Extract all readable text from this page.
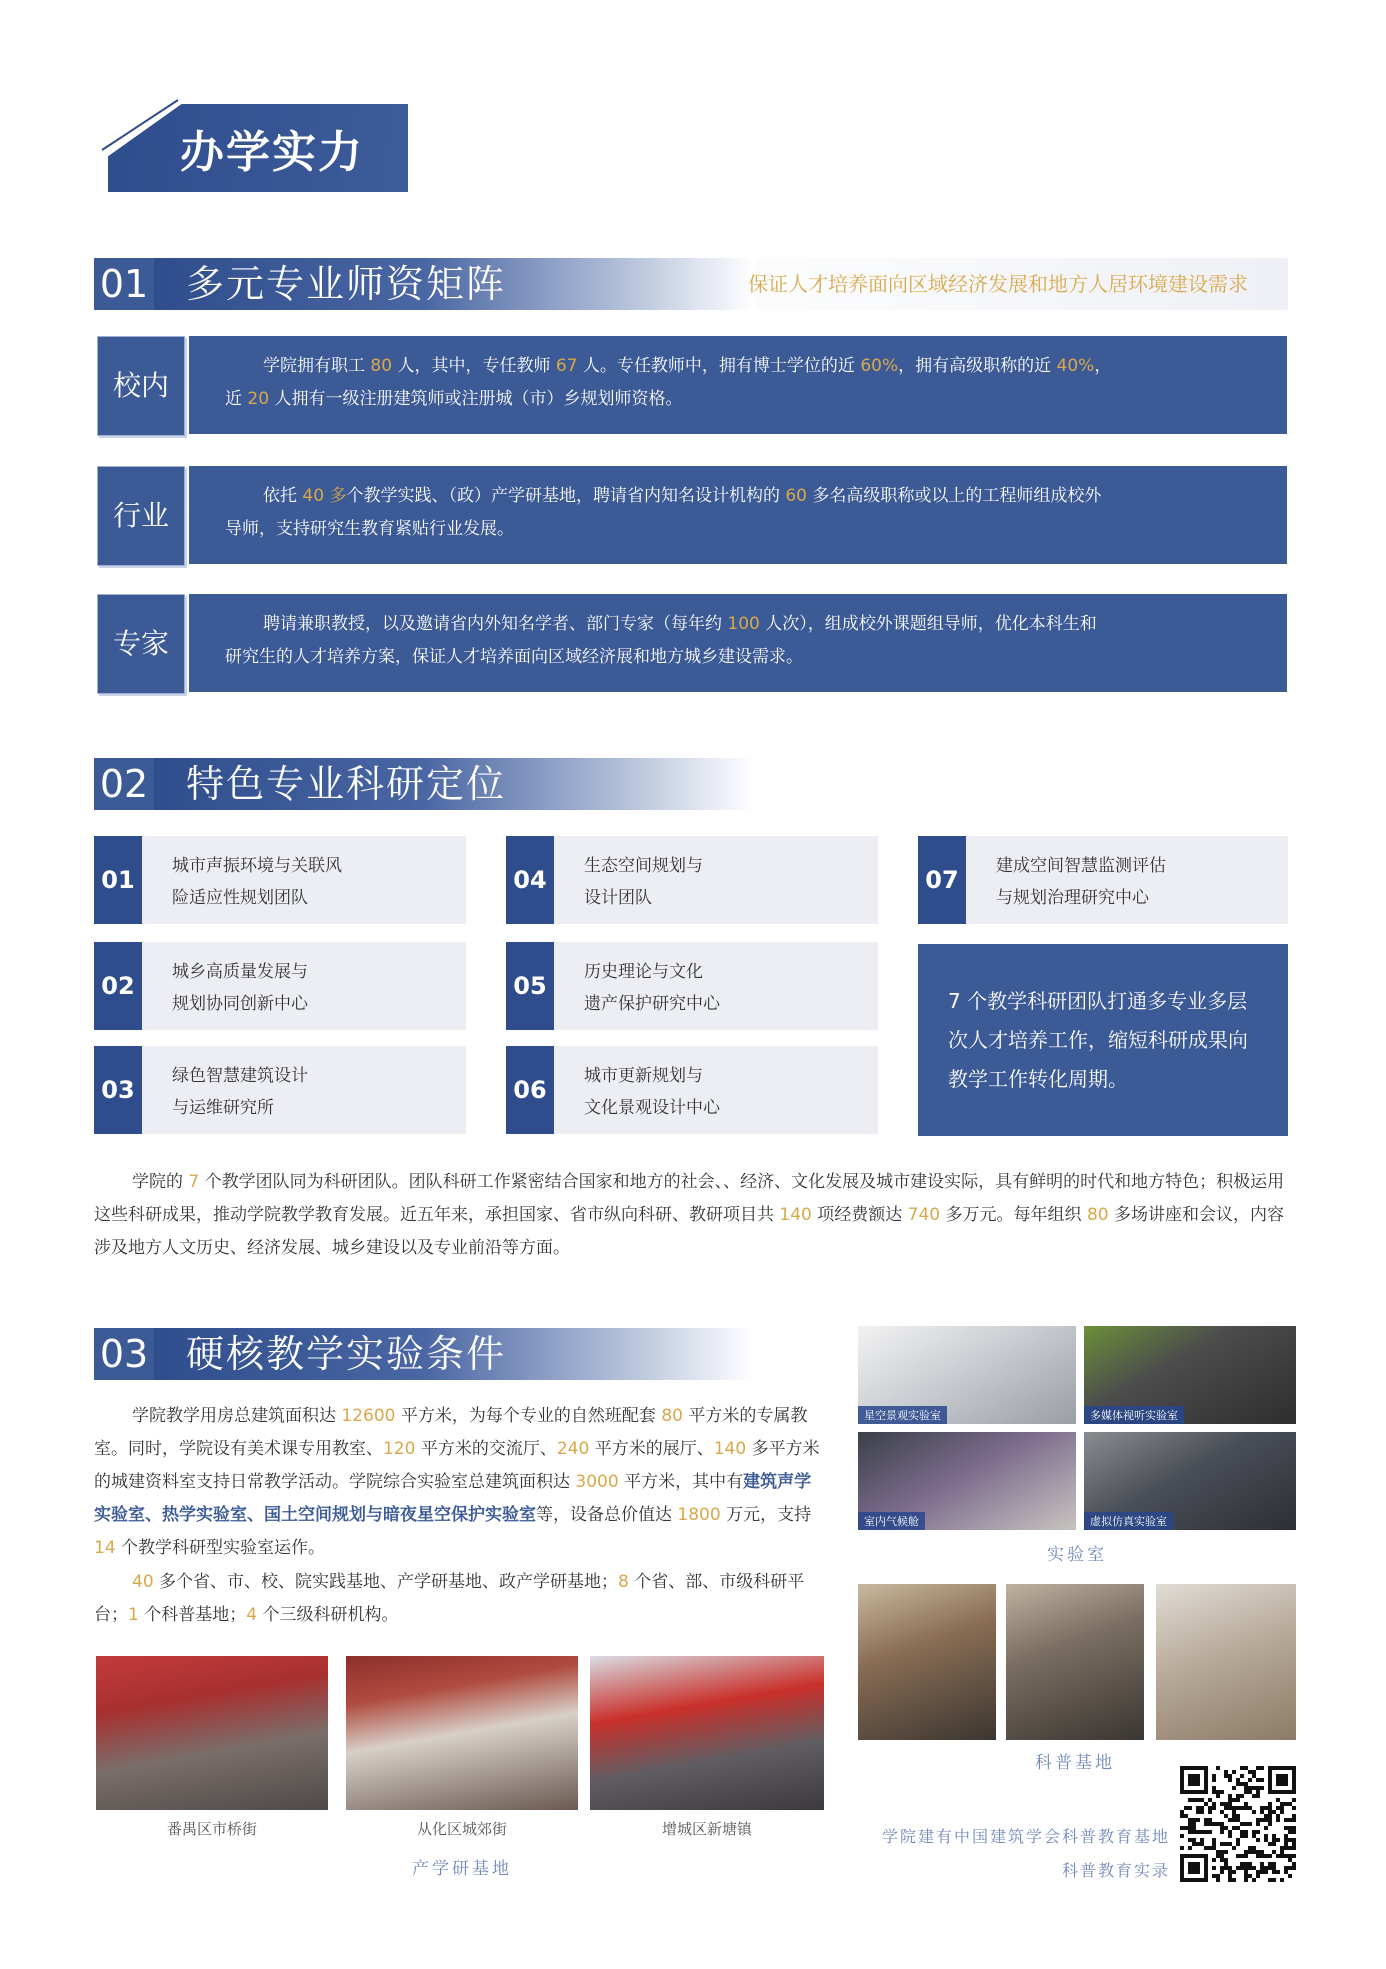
办学实力
01 多元专业师资矩阵	保证人才培养面向区域经济发展和地方人居环境建设需求
校内
学院拥有职工 80 人，其中，专任教师 67 人。专任教师中，拥有博士学位的近 60%，拥有高级职称的近 40%，
近 20 人拥有一级注册建筑师或注册城（市）乡规划师资格。
行业
依托 40 多个教学实践、（政）产学研基地，聘请省内知名设计机构的 60 多名高级职称或以上的工程师组成校外
导师，支持研究生教育紧贴行业发展。
专家
聘请兼职教授，以及邀请省内外知名学者、部门专家（每年约 100 人次），组成校外课题组导师，优化本科生和
研究生的人才培养方案，保证人才培养面向区域经济展和地方城乡建设需求。
02 特色专业科研定位
01	城市声振环境与关联风
险适应性规划团队
02	城乡高质量发展与
规划协同创新中心
03	绿色智慧建筑设计
与运维研究所
04	生态空间规划与
设计团队
05	历史理论与文化
遗产保护研究中心
06	城市更新规划与
文化景观设计中心
07	建成空间智慧监测评估
与规划治理研究中心
7 个教学科研团队打通多专业多层次人才培养工作，缩短科研成果向教学工作转化周期。
学院的 7 个教学团队同为科研团队。团队科研工作紧密结合国家和地方的社会、、经济、文化发展及城市建设实际，具有鲜明的时代和地方特色；积极运用这些科研成果，推动学院教学教育发展。近五年来，承担国家、省市纵向科研、教研项目共 140 项经费额达 740 多万元。每年组织 80 多场讲座和会议，内容涉及地方人文历史、经济发展、城乡建设以及专业前沿等方面。
03 硬核教学实验条件
学院教学用房总建筑面积达 12600 平方米，为每个专业的自然班配套 80 平方米的专属教室。同时，学院设有美术课专用教室、120 平方米的交流厅、240 平方米的展厅、140 多平方米的城建资料室支持日常教学活动。学院综合实验室总建筑面积达 3000 平方米，其中有建筑声学实验室、热学实验室、国土空间规划与暗夜星空保护实验室等，设备总价值达 1800 万元，支持 14 个教学科研型实验室运作。
40 多个省、市、校、院实践基地、产学研基地、政产学研基地；8 个省、部、市级科研平台；1 个科普基地；4 个三级科研机构。
番禺区市桥街	从化区城郊街	增城区新塘镇
产学研基地
星空景观实验室	多媒体视听实验室
室内气候舱	虚拟仿真实验室
实验室
科普基地
学院建有中国建筑学会科普教育基地
科普教育实录
